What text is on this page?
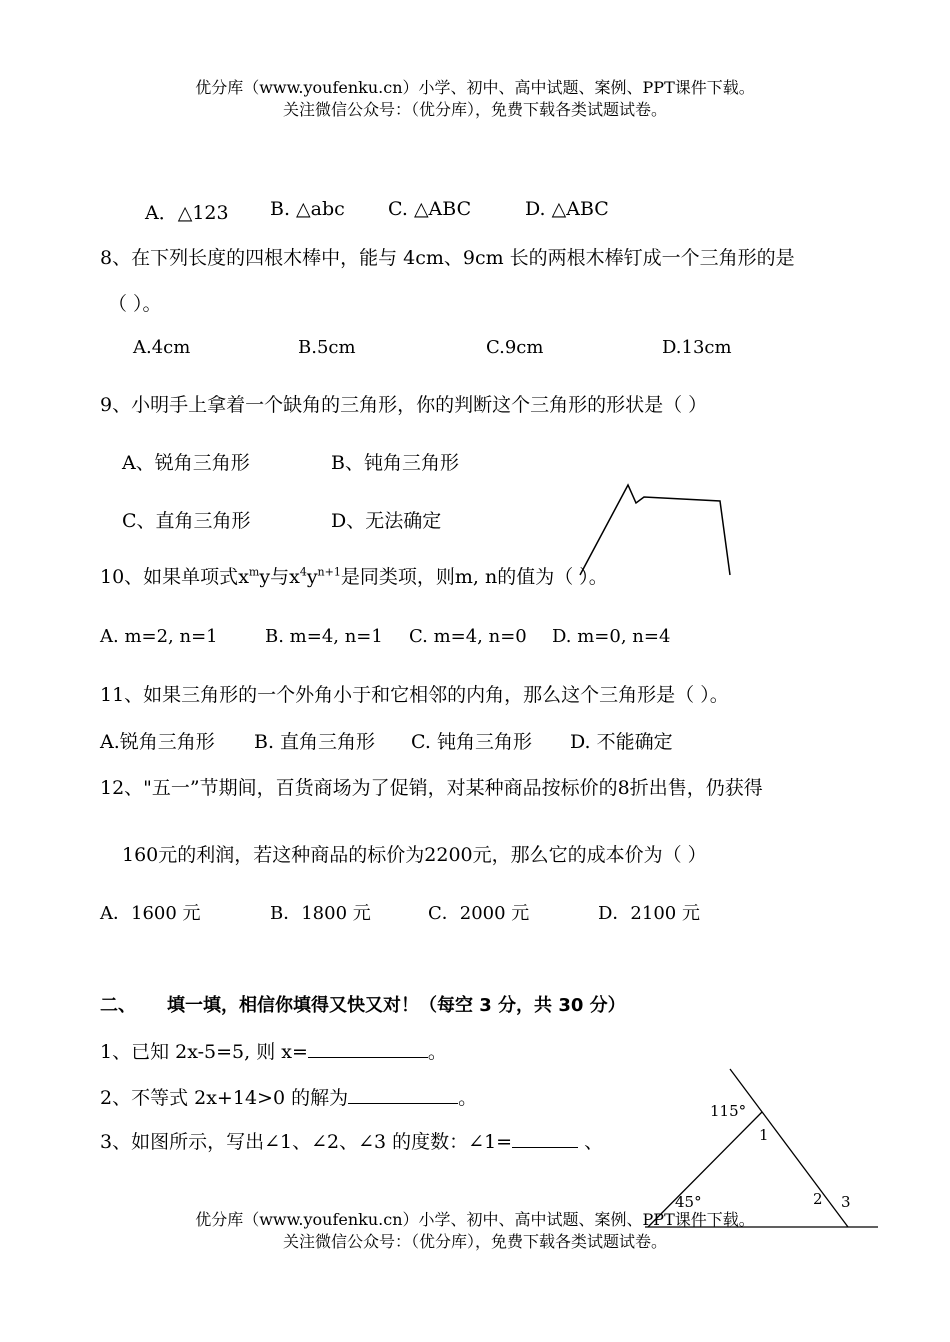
优分库（www.youfenku.cn）小学、初中、高中试题、案例、PPT课件下载。
关注微信公众号：（优分库），免费下载各类试题试卷。
A．△123 B. △abc C. △ABC	D. △ABC
8、在下列长度的四根木棒中，能与 4cm、9cm 长的两根木棒钉成一个三角形的是
（ ）。
A.4cm	B.5cm	C.9cm	D.13cm
9、小明手上拿着一个缺角的三角形，你的判断这个三角形的形状是（ ）
A、锐角三角形	B、钝角三角形
C、直角三角形	D、无法确定
10、如果单项式$x^my$与$x^4y^{n+1}$是同类项，则m, n的值为（ ）。
A. m=2, n=1	B. m=4, n=1 C. m=4, n=0 D. m=0, n=4
11、如果三角形的一个外角小于和它相邻的内角，那么这个三角形是（ ）。
A.锐角三角形 B. 直角三角形 C. 钝角三角形 D. 不能确定
12、"五一”节期间，百货商场为了促销，对某种商品按标价的8折出售，仍获得
160元的利润，若这种商品的标价为2200元，那么它的成本价为（ ）
A．1600 元	B．1800 元	C．2000 元	D．2100 元
二、 填一填，相信你填得又快又对！（每空 3 分，共 30 分）
1、已知 2x-5=5, 则 x=	。
2、不等式 2x+14>0 的解为	。
3、如图所示，写出∠1、∠2、∠3 的度数：∠1=	、
115°
1
45°	2 3
优分库（www.youfenku.cn）小学、初中、高中试题、案例、PPT课件下载。
关注微信公众号：（优分库），免费下载各类试题试卷。
